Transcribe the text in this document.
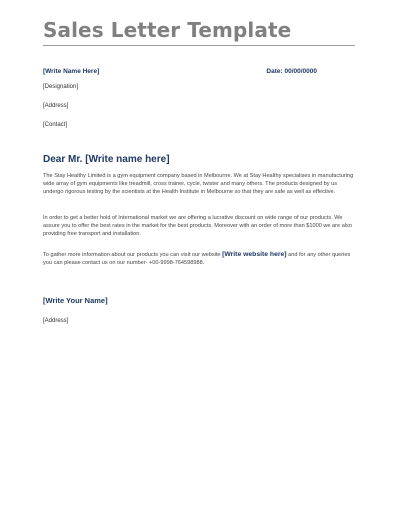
Sales Letter Template
[Write Name Here]	Date: 00/00/0000
[Designation]
[Address]
[Contact]
Dear Mr. [Write name here]

The Stay Healthy Limited is a gym equipment company based in Melbourne. We at Stay Healthy specialises in manufacturing wide array of gym equipments like treadmill, cross trainer, cycle, twister and many others. The products designed by us undergo rigorous testing by the scientists at the Health Institute in Melbourne so that they are safe as well as effective.

In order to get a better hold of International market we are offering a lucrative discount on wide range of our products. We assure you to offer the best rates in the market for the best products. Moreover with an order of more than $1000 we are also providing free transport and installation.

To gather more information about our products you can visit our website [Write website here] and for any other queries you can please contact us on our number- +00-9998-764598988.

[Write Your Name]
[Address]
